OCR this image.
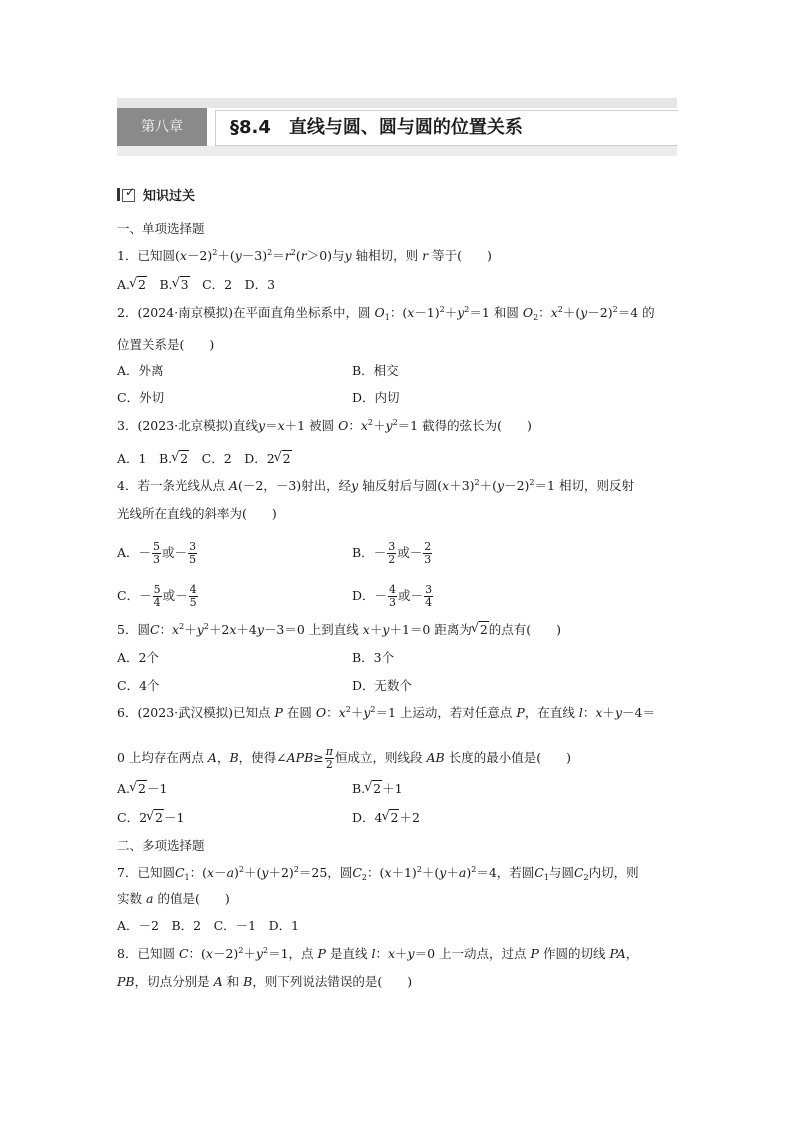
第八章	§8.4　直线与圆、圆与圆的位置关系
✓ 知识过关
一、单项选择题
1．已知圆$(x-2)^2+(y-3)^2=r^2(r>0)$与y 轴相切，则 r 等于(　　)
A. √ 2　B. √ 3　C．2　D．3
2．(2024·南京模拟)在平面直角坐标系中，圆 $O_1$：$(x-1)^2+y^2=1$ 和圆 $O_2$：$x^2+(y-2)^2=4$ 的
位置关系是(　　)
A．外离	B．相交
C．外切	D．内切
3．(2023·北京模拟)直线y＝x＋1 被圆 O：$x^2+y^2=1$ 截得的弦长为(　　)
A．1　 B. √ 2　 C．2　 D．2 √ 2
4．若一条光线从点 A(－2，－3)射出，经y 轴反射后与圆$(x+3)^2+(y-2)^2=1$ 相切，则反射
光线所在直线的斜率为(　　)
A．－ $\frac{5}{3}$ 或－ $\frac{3}{5}$	B．－ $\frac{3}{2}$ 或－ $\frac{2}{3}$
C．－ $\frac{5}{4}$ 或－ $\frac{4}{5}$	D．－ $\frac{4}{3}$ 或－ $\frac{3}{4}$
5．圆C：$x^2+y^2+2x+4y-3=0$ 上到直线 x＋y＋1＝0 距离为 √ 2的点有(　　)
A．2个	B．3个
C．4个	D．无数个
6．(2023·武汉模拟)已知点 P 在圆 O：$x^2+y^2=1$ 上运动，若对任意点 P，在直线 l：x＋y－4＝
0 上均存在两点 A，B，使得∠APB≥ $\frac{\pi}{2}$ 恒成立，则线段 AB 长度的最小值是(　　)
A. √ 2－1	B. √ 2＋1
C．2 √ 2－1	D．4 √ 2＋2
二、多项选择题
7．已知圆$C_1$：$(x-a)^2+(y+2)^2=25$，圆$C_2$：$(x+1)^2+(y+a)^2=4$，若圆$C_1$与圆$C_2$内切，则
实数 a 的值是(　　)
A．－2　B．2　C．－1　D．1
8．已知圆 C：$(x-2)^2+y^2=1$，点 P 是直线 l：x＋y＝0 上一动点，过点 P 作圆的切线 PA，
PB，切点分别是 A 和 B，则下列说法错误的是(　　)
